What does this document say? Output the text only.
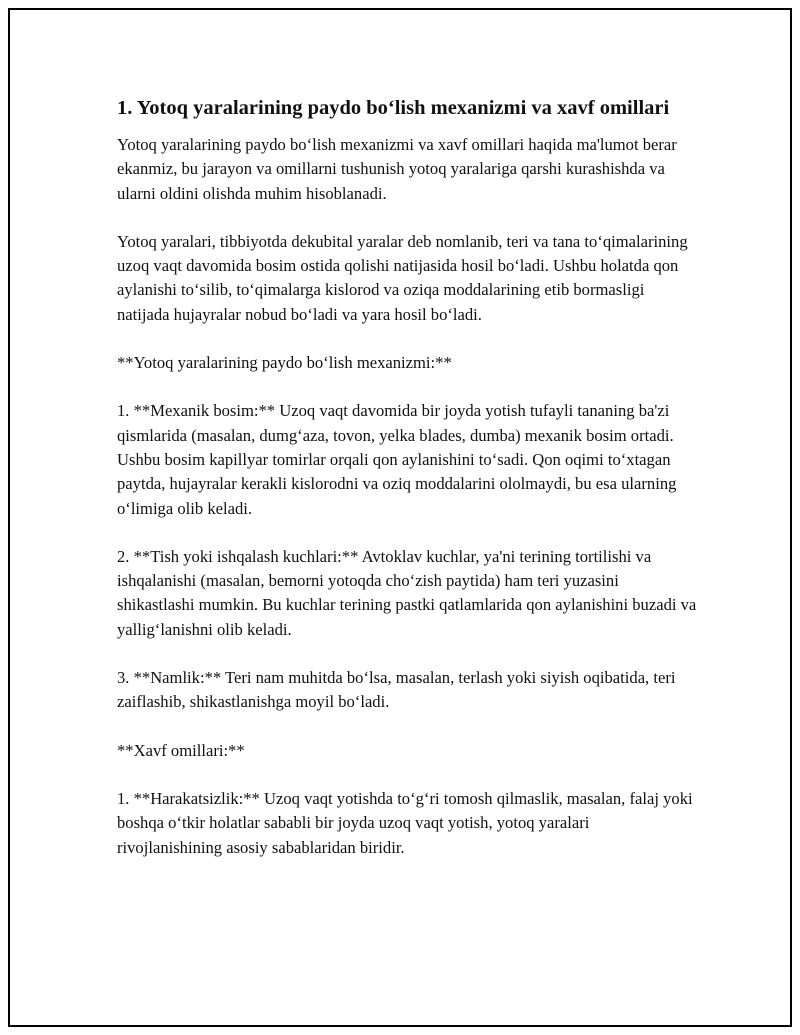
1. Yotoq yaralarining paydo bo‘lish mexanizmi va xavf omillari

Yotoq yaralarining paydo bo‘lish mexanizmi va xavf omillari haqida ma'lumot berar ekanmiz, bu jarayon va omillarni tushunish yotoq yaralariga qarshi kurashishda va ularni oldini olishda muhim hisoblanadi.

Yotoq yaralari, tibbiyotda dekubital yaralar deb nomlanib, teri va tana to‘qimalarining uzoq vaqt davomida bosim ostida qolishi natijasida hosil bo‘ladi. Ushbu holatda qon aylanishi to‘silib, to‘qimalarga kislorod va oziqa moddalarining etib bormasligi natijada hujayralar nobud bo‘ladi va yara hosil bo‘ladi.

**Yotoq yaralarining paydo bo‘lish mexanizmi:**

1. **Mexanik bosim:** Uzoq vaqt davomida bir joyda yotish tufayli tananing ba'zi qismlarida (masalan, dumg‘aza, tovon, yelka blades, dumba) mexanik bosim ortadi. Ushbu bosim kapillyar tomirlar orqali qon aylanishini to‘sadi. Qon oqimi to‘xtagan paytda, hujayralar kerakli kislorodni va oziq moddalarini ololmaydi, bu esa ularning o‘limiga olib keladi.

2. **Tish yoki ishqalash kuchlari:** Avtoklav kuchlar, ya'ni terining tortilishi va ishqalanishi (masalan, bemorni yotoqda cho‘zish paytida) ham teri yuzasini shikastlashi mumkin. Bu kuchlar terining pastki qatlamlarida qon aylanishini buzadi va yallig‘lanishni olib keladi.

3. **Namlik:** Teri nam muhitda bo‘lsa, masalan, terlash yoki siyish oqibatida, teri zaiflashib, shikastlanishga moyil bo‘ladi.

**Xavf omillari:**

1. **Harakatsizlik:** Uzoq vaqt yotishda to‘g‘ri tomosh qilmaslik, masalan, falaj yoki boshqa o‘tkir holatlar sababli bir joyda uzoq vaqt yotish, yotoq yaralari rivojlanishining asosiy sabablaridan biridir.
